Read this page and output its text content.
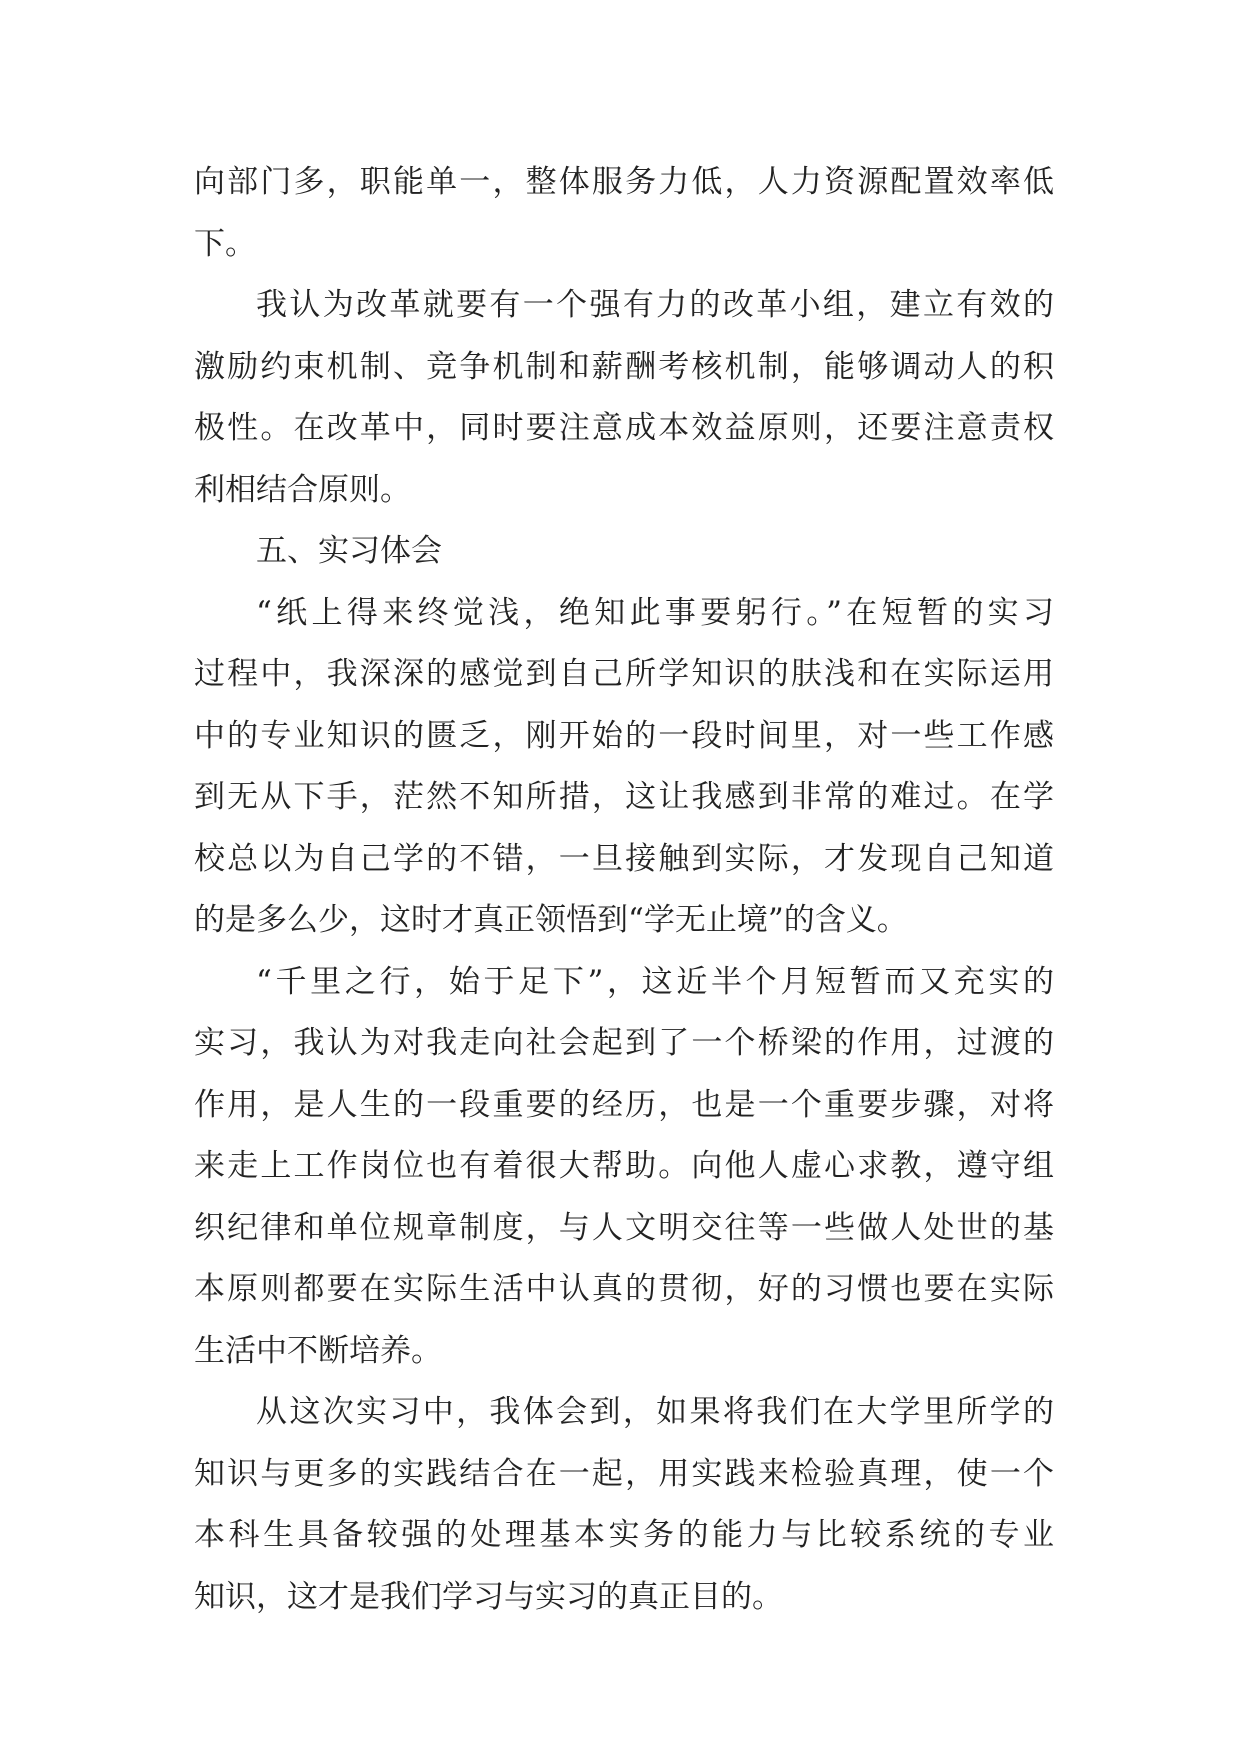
向部门多，职能单一，整体服务力低，人力资源配置效率低
下。
我认为改革就要有一个强有力的改革小组，建立有效的
激励约束机制、竞争机制和薪酬考核机制，能够调动人的积
极性。在改革中，同时要注意成本效益原则，还要注意责权
利相结合原则。
五、实习体会
“纸上得来终觉浅，绝知此事要躬行。”在短暂的实习
过程中，我深深的感觉到自己所学知识的肤浅和在实际运用
中的专业知识的匮乏，刚开始的一段时间里，对一些工作感
到无从下手，茫然不知所措，这让我感到非常的难过。在学
校总以为自己学的不错，一旦接触到实际，才发现自己知道
的是多么少，这时才真正领悟到“学无止境”的含义。
“千里之行，始于足下”，这近半个月短暂而又充实的
实习，我认为对我走向社会起到了一个桥梁的作用，过渡的
作用，是人生的一段重要的经历，也是一个重要步骤，对将
来走上工作岗位也有着很大帮助。向他人虚心求教，遵守组
织纪律和单位规章制度，与人文明交往等一些做人处世的基
本原则都要在实际生活中认真的贯彻，好的习惯也要在实际
生活中不断培养。
从这次实习中，我体会到，如果将我们在大学里所学的
知识与更多的实践结合在一起，用实践来检验真理，使一个
本科生具备较强的处理基本实务的能力与比较系统的专业
知识，这才是我们学习与实习的真正目的。
